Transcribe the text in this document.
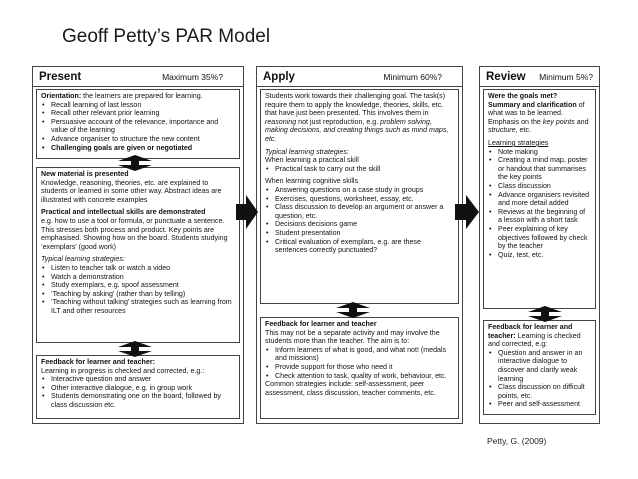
Geoff Petty’s PAR Model
Present	Maximum 35%?

Orientation: the learners are prepared for learning.

• Recall learning of last lesson
• Recall other relevant prior learning
• Persuasive account of the relevance, importance and value of the learning
• Advance organiser to structure the new content
• Challenging goals are given or negotiated

New material is presented

Knowledge, reasoning, theories, etc. are explained to students or learned in some other way. Abstract ideas are illustrated with concrete examples

Practical and intellectual skills are demonstrated

e.g. how to use a tool or formula, or punctuate a sentence. This stresses both process and product. Key points are emphasised. Showing how on the board. Students studying ‘exemplars’ (good work)

Typical learning strategies:

• Listen to teacher talk or watch a video
• Watch a demonstration
• Study exemplars, e.g. spoof assessment
• ‘Teaching by asking’ (rather than by telling)
• ‘Teaching without talking’ strategies such as learning from ILT and other resources

Feedback for learner and teacher:

Learning in progress is checked and corrected, e.g.:

• Interactive question and answer
• Other interactive dialogue, e.g. in group work
• Students demonstrating one on the board, followed by class discussion etc.
Apply	Minimum 60%?

Students work towards their challenging goal. The task(s) require them to apply the knowledge, theories, skills, etc. that have just been presented. This involves them in reasoning not just reproduction, e.g. problem solving, making decisions, and creating things such as mind maps, etc.

Typical learning strategies:

When learning a practical skill

• Practical task to carry out the skill

When learning cognitive skills

• Answering questions on a case study in groups
• Exercises, questions, worksheet, essay, etc.
• Class discussion to develop an argument or answer a question, etc.
• Decisions decisions game
• Student presentation
• Critical evaluation of exemplars, e.g. are these sentences correctly punctuated?

Feedback for learner and teacher

This may not be a separate activity and may involve the students more than the teacher. The aim is to:

• Inform learners of what is good, and what not! (medals and missions)
• Provide support for those who need it
• Check attention to task, quality of work, behaviour, etc.

Common strategies include: self-assessment, peer assessment, class discussion, teacher comments, etc.

Review Minimum 5%?

Were the goals met?

Summary and clarification of what was to be learned. Emphasis on the key points and structure, etc.

Learning strategies

• Note making
• Creating a mind map, poster or handout that summarises the key points
• Class discussion
• Advance organisers revisited and more detail added
• Reviews at the beginning of a lesson with a short task
• Peer explaining of key objectives followed by check by the teacher
• Quiz, test, etc.

Feedback for learner and teacher: Learning is checked and corrected, e.g:

• Question and answer in an interactive dialogue to discover and clarify weak learning
• Class discussion on difficult points, etc.
• Peer and self-assessment
Petty, G. (2009)
